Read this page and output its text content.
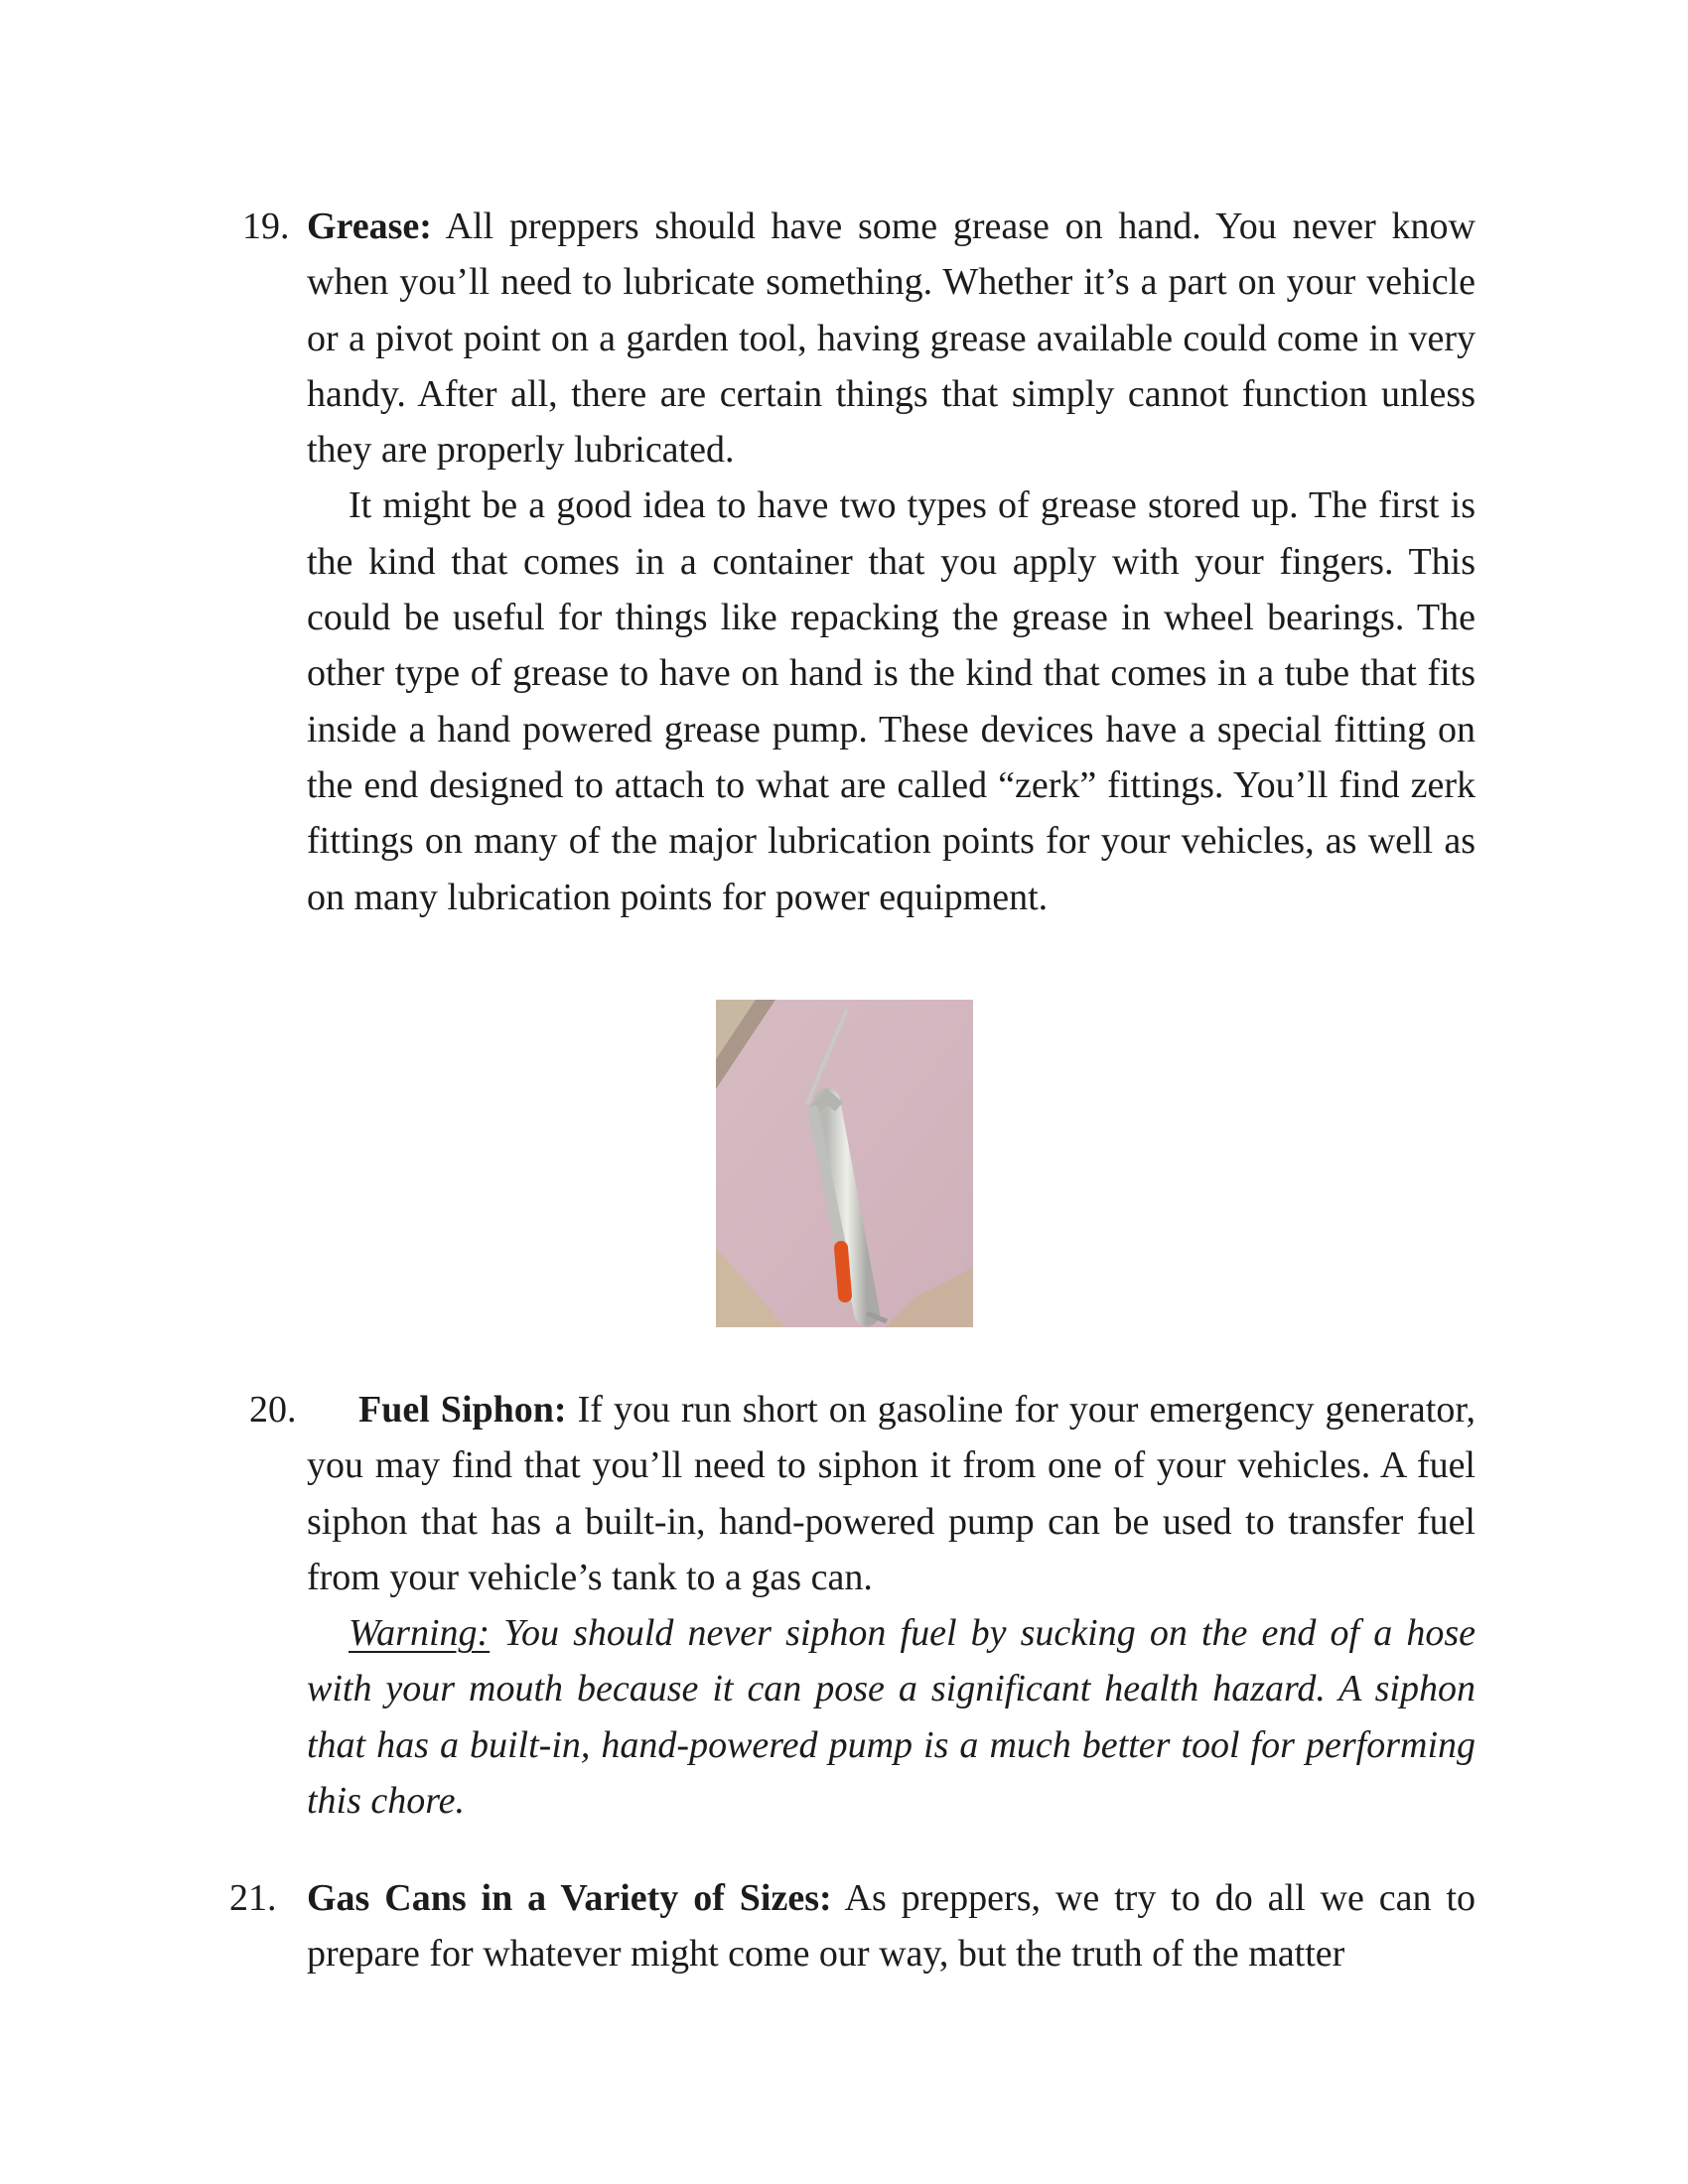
19. Grease: All preppers should have some grease on hand. You never know when you’ll need to lubricate something. Whether it’s a part on your vehicle or a pivot point on a garden tool, having grease available could come in very handy. After all, there are certain things that simply cannot function unless they are properly lubricated.

It might be a good idea to have two types of grease stored up. The first is the kind that comes in a container that you apply with your fingers. This could be useful for things like repacking the grease in wheel bearings. The other type of grease to have on hand is the kind that comes in a tube that fits inside a hand powered grease pump. These devices have a special fitting on the end designed to attach to what are called “zerk” fittings. You’ll find zerk fittings on many of the major lubrication points for your vehicles, as well as on many lubrication points for power equipment.

20.	Fuel Siphon: If you run short on gasoline for your emergency generator, you may find that you’ll need to siphon it from one of your vehicles. A fuel siphon that has a built-in, hand-powered pump can be used to transfer fuel from your vehicle’s tank to a gas can.

Warning: You should never siphon fuel by sucking on the end of a hose with your mouth because it can pose a significant health hazard. A siphon that has a built-in, hand-powered pump is a much better tool for performing this chore.

21. Gas Cans in a Variety of Sizes: As preppers, we try to do all we can to prepare for whatever might come our way, but the truth of the matter
